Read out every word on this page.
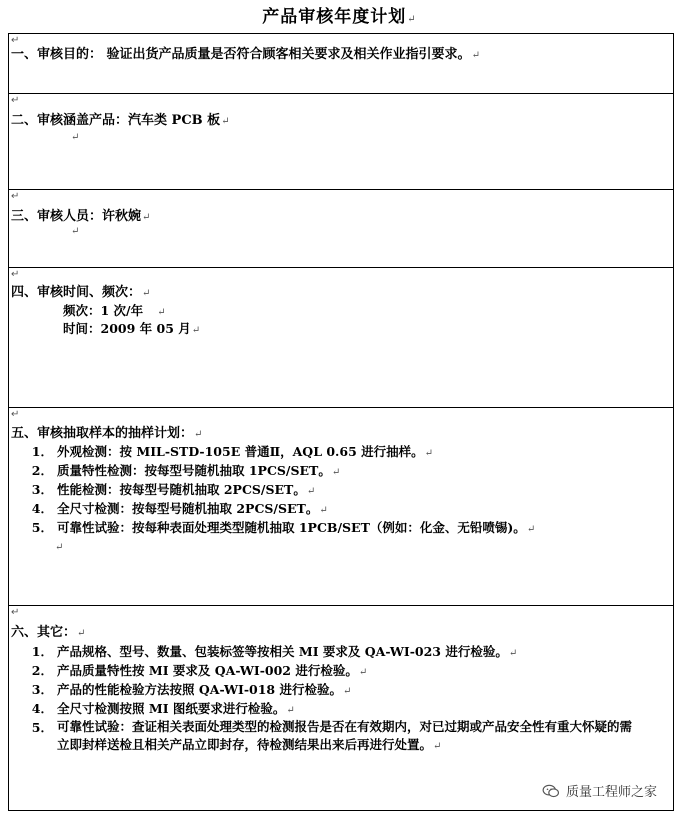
产品审核年度计划↵
↵
一、审核目的： 验证出货产品质量是否符合顾客相关要求及相关作业指引要求。↵
↵
二、审核涵盖产品：汽车类 PCB 板↵
↵
↵
三、审核人员：许秋婉↵
↵
↵
四、审核时间、频次：↵
频次：1 次/年 ↵
时间：2009 年 05 月↵
↵
五、审核抽取样本的抽样计划：↵
1． 外观检测：按 MIL-STD-105E 普通Ⅱ，AQL 0.65 进行抽样。↵
2． 质量特性检测：按每型号随机抽取 1PCS/SET。↵
3． 性能检测：按每型号随机抽取 2PCS/SET。↵
4． 全尺寸检测：按每型号随机抽取 2PCS/SET。↵
5． 可靠性试验：按每种表面处理类型随机抽取 1PCB/SET（例如：化金、无铅喷锡)。↵
↵
↵
六、其它：↵
1． 产品规格、型号、数量、包装标签等按相关 MI 要求及 QA-WI-023 进行检验。↵
2． 产品质量特性按 MI 要求及 QA-WI-002 进行检验。↵
3． 产品的性能检验方法按照 QA-WI-018 进行检验。↵
4． 全尺寸检测按照 MI 图纸要求进行检验。↵
5． 可靠性试验：查证相关表面处理类型的检测报告是否在有效期内，对已过期或产品安全性有重大怀疑的需立即封样送检且相关产品立即封存，待检测结果出来后再进行处置。↵
质量工程师之家
